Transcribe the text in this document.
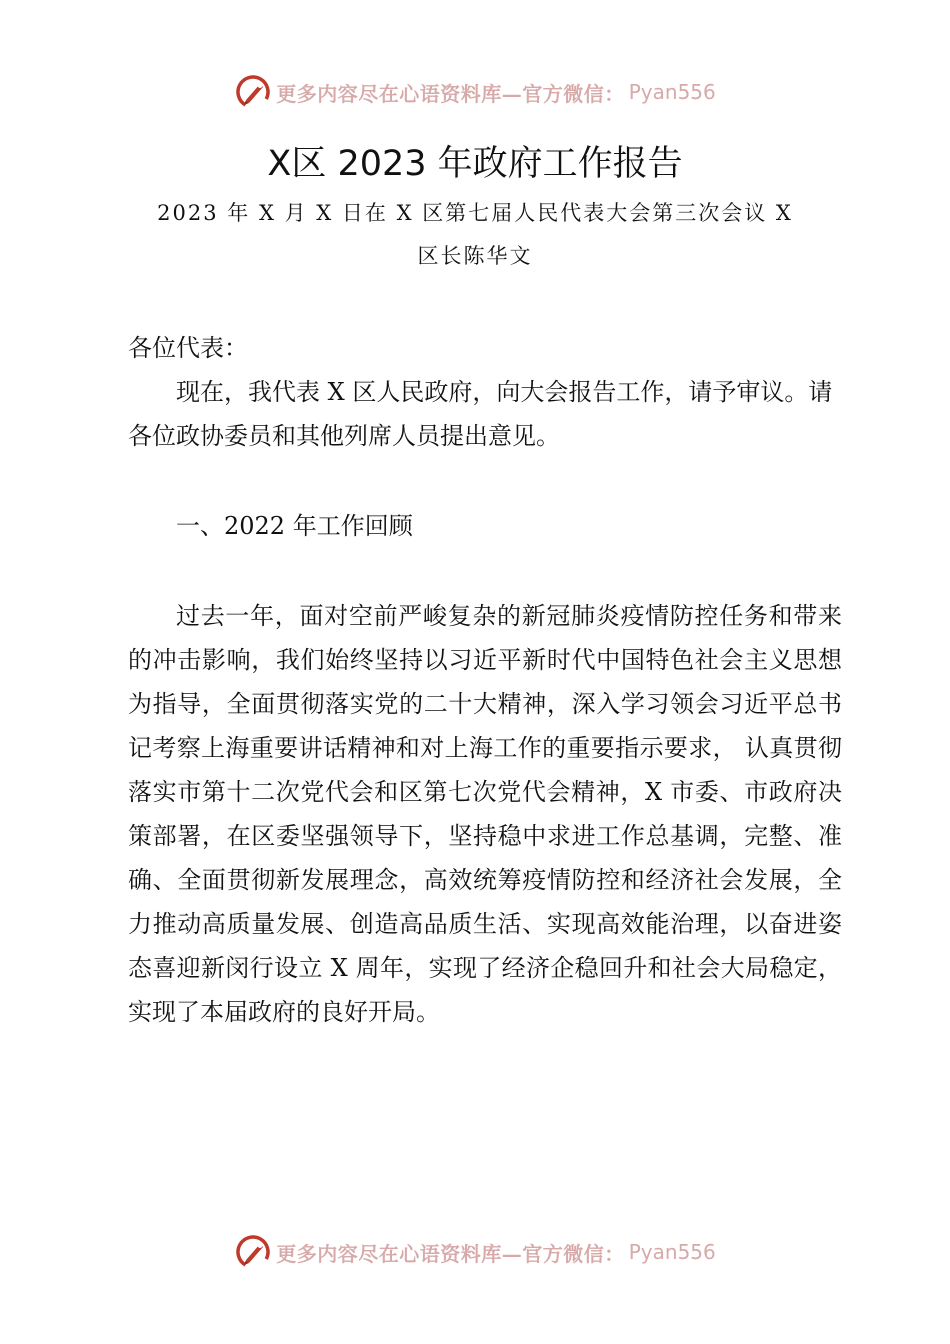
更多内容尽在心语资料库—官方微信： Pyan556
X区 2023 年政府工作报告
2023 年 X 月 X 日在 X 区第七届人民代表大会第三次会议 X
区长陈华文

各位代表：

现在，我代表 X 区人民政府，向大会报告工作，请予审议。请各位政协委员和其他列席人员提出意见。

一、2022 年工作回顾

过去一年，面对空前严峻复杂的新冠肺炎疫情防控任务和带来的冲击影响，我们始终坚持以习近平新时代中国特色社会主义思想为指导，全面贯彻落实党的二十大精神，深入学习领会习近平总书记考察上海重要讲话精神和对上海工作的重要指示要求， 认真贯彻落实市第十二次党代会和区第七次党代会精神，X 市委、市政府决策部署，在区委坚强领导下，坚持稳中求进工作总基调，完整、准确、全面贯彻新发展理念，高效统筹疫情防控和经济社会发展，全力推动高质量发展、创造高品质生活、实现高效能治理，以奋进姿态喜迎新闵行设立 X 周年，实现了经济企稳回升和社会大局稳定，实现了本届政府的良好开局。

更多内容尽在心语资料库—官方微信： Pyan556
